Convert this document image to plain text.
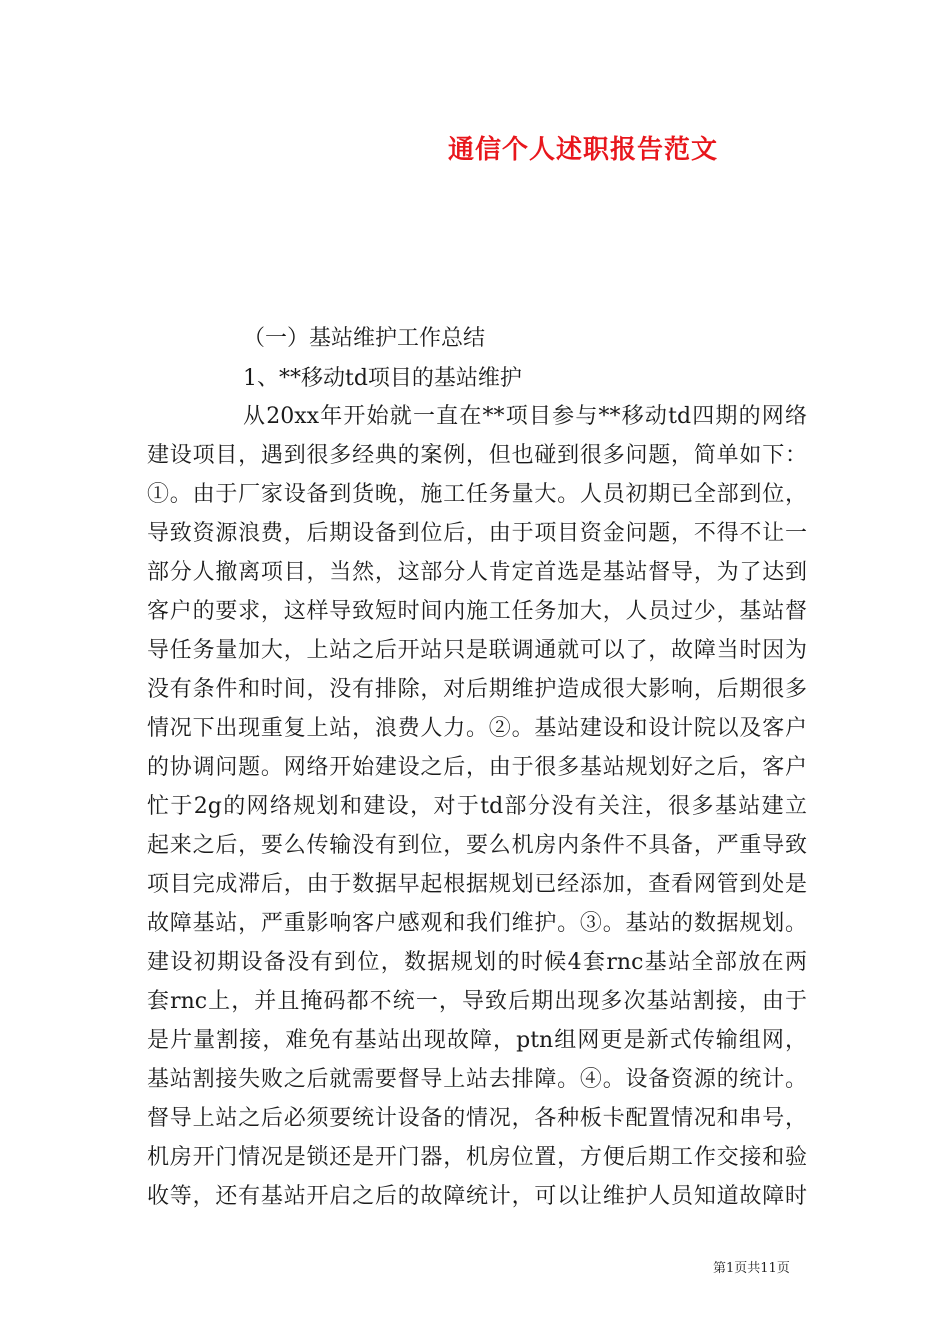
通信个人述职报告范文
（一）基站维护工作总结
1、**移动td项目的基站维护
从20xx年开始就一直在**项目参与**移动td四期的网络
建设项目，遇到很多经典的案例，但也碰到很多问题，简单如下：
①。由于厂家设备到货晚，施工任务量大。人员初期已全部到位，
导致资源浪费，后期设备到位后，由于项目资金问题，不得不让一
部分人撤离项目，当然，这部分人肯定首选是基站督导，为了达到
客户的要求，这样导致短时间内施工任务加大，人员过少，基站督
导任务量加大，上站之后开站只是联调通就可以了，故障当时因为
没有条件和时间，没有排除，对后期维护造成很大影响，后期很多
情况下出现重复上站，浪费人力。②。基站建设和设计院以及客户
的协调问题。网络开始建设之后，由于很多基站规划好之后，客户
忙于2g的网络规划和建设，对于td部分没有关注，很多基站建立
起来之后，要么传输没有到位，要么机房内条件不具备，严重导致
项目完成滞后，由于数据早起根据规划已经添加，查看网管到处是
故障基站，严重影响客户感观和我们维护。③。基站的数据规划。
建设初期设备没有到位，数据规划的时候4套rnc基站全部放在两
套rnc上，并且掩码都不统一，导致后期出现多次基站割接，由于
是片量割接，难免有基站出现故障，ptn组网更是新式传输组网，
基站割接失败之后就需要督导上站去排障。④。设备资源的统计。
督导上站之后必须要统计设备的情况，各种板卡配置情况和串号，
机房开门情况是锁还是开门器，机房位置，方便后期工作交接和验
收等，还有基站开启之后的故障统计，可以让维护人员知道故障时
第1页共11页
